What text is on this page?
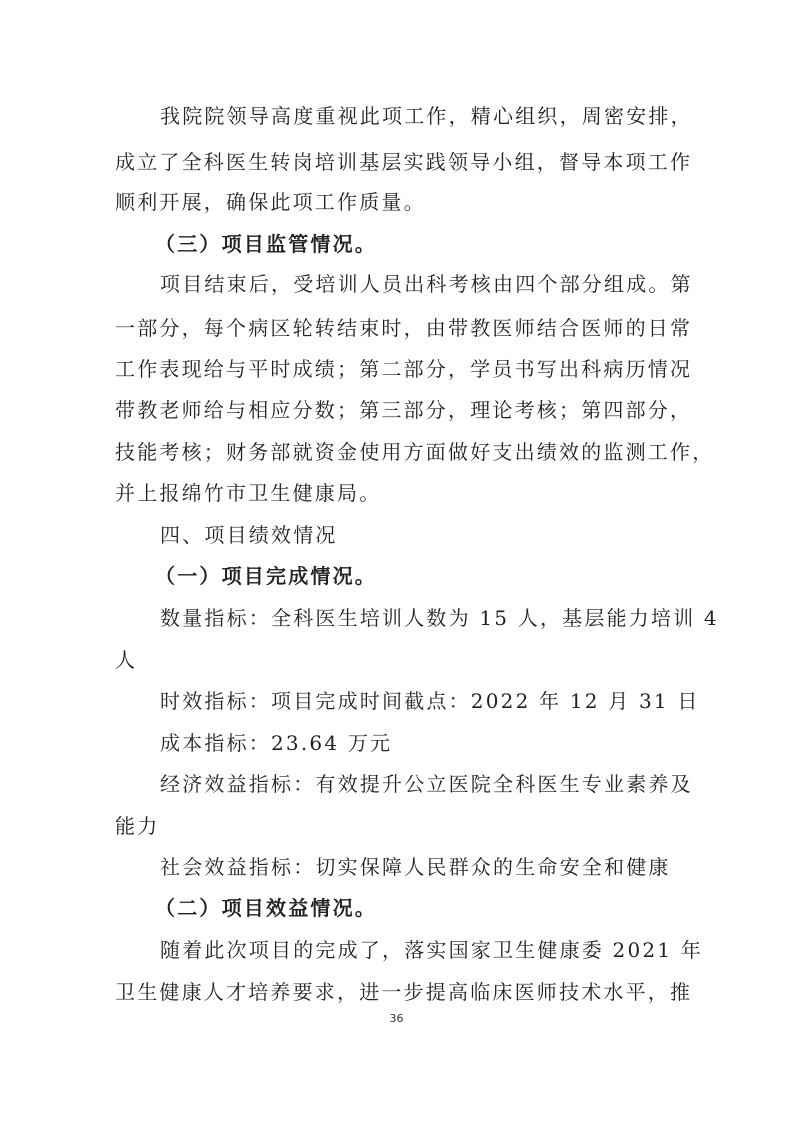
我院院领导高度重视此项工作，精心组织，周密安排，
成立了全科医生转岗培训基层实践领导小组，督导本项工作
顺利开展，确保此项工作质量。
（三）项目监管情况。
项目结束后，受培训人员出科考核由四个部分组成。第
一部分，每个病区轮转结束时，由带教医师结合医师的日常
工作表现给与平时成绩；第二部分，学员书写出科病历情况
带教老师给与相应分数；第三部分，理论考核；第四部分，
技能考核；财务部就资金使用方面做好支出绩效的监测工作，
并上报绵竹市卫生健康局。
四、项目绩效情况
（一）项目完成情况。
数量指标：全科医生培训人数为 15 人，基层能力培训 4
人
时效指标：项目完成时间截点：2022 年 12 月 31 日
成本指标：23.64 万元
经济效益指标：有效提升公立医院全科医生专业素养及
能力
社会效益指标：切实保障人民群众的生命安全和健康
（二）项目效益情况。
随着此次项目的完成了，落实国家卫生健康委 2021 年
卫生健康人才培养要求，进一步提高临床医师技术水平，推
36
